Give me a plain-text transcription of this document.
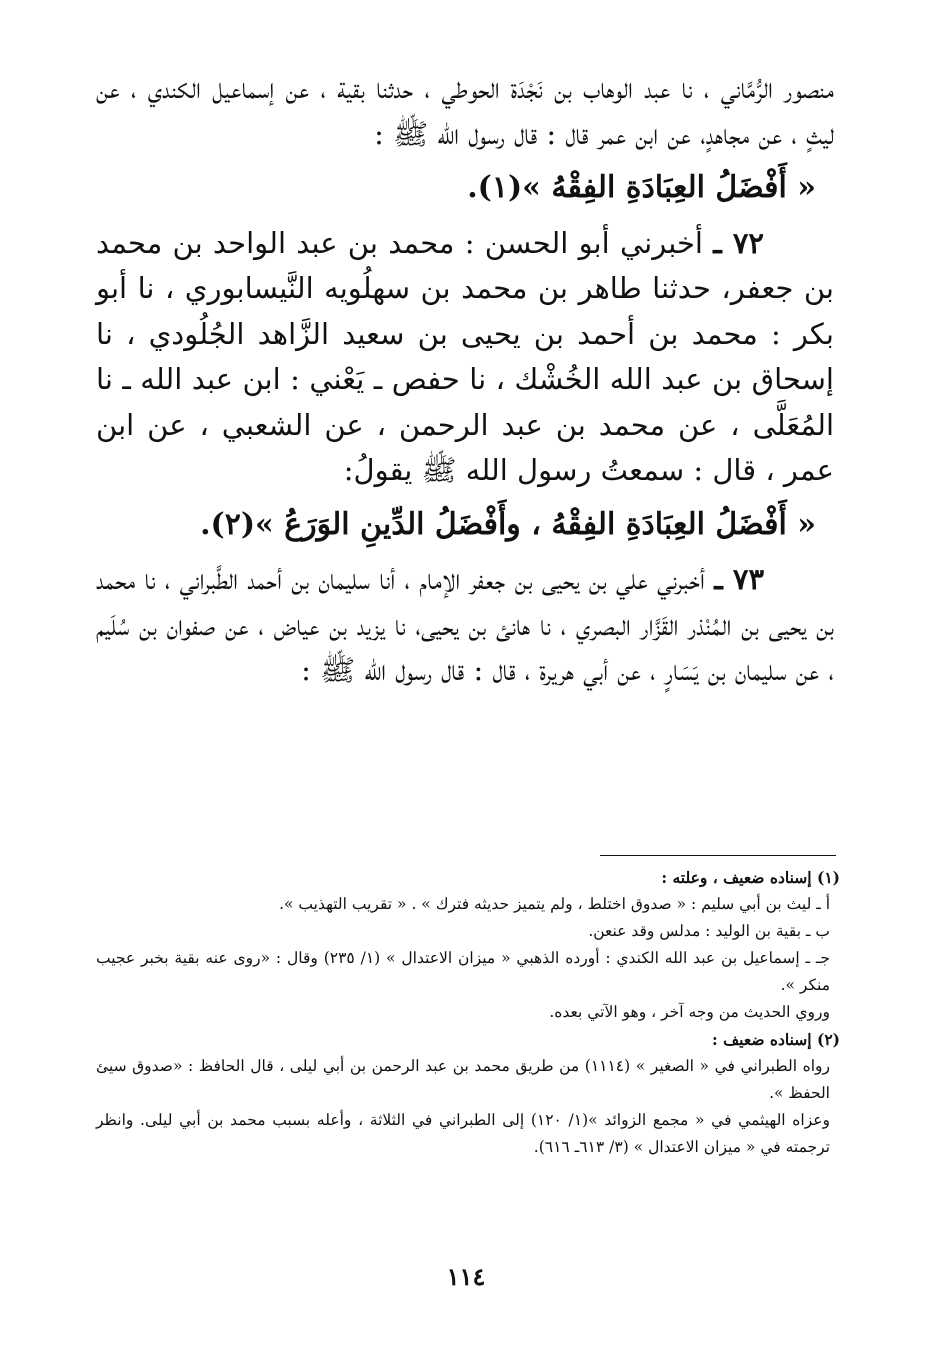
منصور الرُّمَّاني ، نا عبد الوهاب بن نَجْدَة الحوطي ، حدثنا بقية ، عن إسماعيل الكندي ، عن ليثٍ ، عن مجاهدٍ، عن ابن عمر قال : قال رسول الله ﷺ :

« أَفْضَلُ العِبَادَةِ الفِقْهُ »(١).

٧٢ ـ أخبرني أبو الحسن : محمد بن عبد الواحد بن محمد بن جعفر، حدثنا طاهر بن محمد بن سهلُويه النَّيسابوري ، نا أبو بكر : محمد بن أحمد بن يحيى بن سعيد الزَّاهد الجُلُودي ، نا إسحاق بن عبد الله الخُشْك ، نا حفص ـ يَعْني : ابن عبد الله ـ نا المُعَلَّى ، عن محمد بن عبد الرحمن ، عن الشعبي ، عن ابن عمر ، قال : سمعتُ رسول الله ﷺ يقولُ:

« أَفْضَلُ العِبَادَةِ الفِقْهُ ، وأَفْضَلُ الدِّينِ الوَرَعُ »(٢).

٧٣ ـ أخبرني علي بن يحيى بن جعفر الإمام ، أنا سليمان بن أحمد الطَّبراني ، نا محمد بن يحيى بن المُنْذر القَزَّار البصري ، نا هانئ بن يحيى، نا يزيد بن عياض ، عن صفوان بن سُلَيم ، عن سليمان بن يَسَارٍ ، عن أبي هريرة ، قال : قال رسول الله ﷺ :

(١) إسناده ضعيف ، وعلته :

أ ـ ليث بن أبي سليم : « صدوق اختلط ، ولم يتميز حديثه فترك » . « تقريب التهذيب ».

ب ـ بقية بن الوليد : مدلس وقد عنعن.

جـ ـ إسماعيل بن عبد الله الكندي : أورده الذهبي « ميزان الاعتدال » (١/ ٢٣٥) وقال : «روى عنه بقية بخبر عجيب منكر ».

وروي الحديث من وجه آخر ، وهو الآتي بعده.

(٢) إسناده ضعيف :

رواه الطبراني في « الصغير » (١١١٤) من طريق محمد بن عبد الرحمن بن أبي ليلى ، قال الحافظ : «صدوق سيئ الحفظ ».

وعزاه الهيثمي في « مجمع الزوائد »(١/ ١٢٠) إلى الطبراني في الثلاثة ، وأعله بسبب محمد بن أبي ليلى. وانظر ترجمته في « ميزان الاعتدال » (٣/ ٦١٣ـ ٦١٦).

١١٤
